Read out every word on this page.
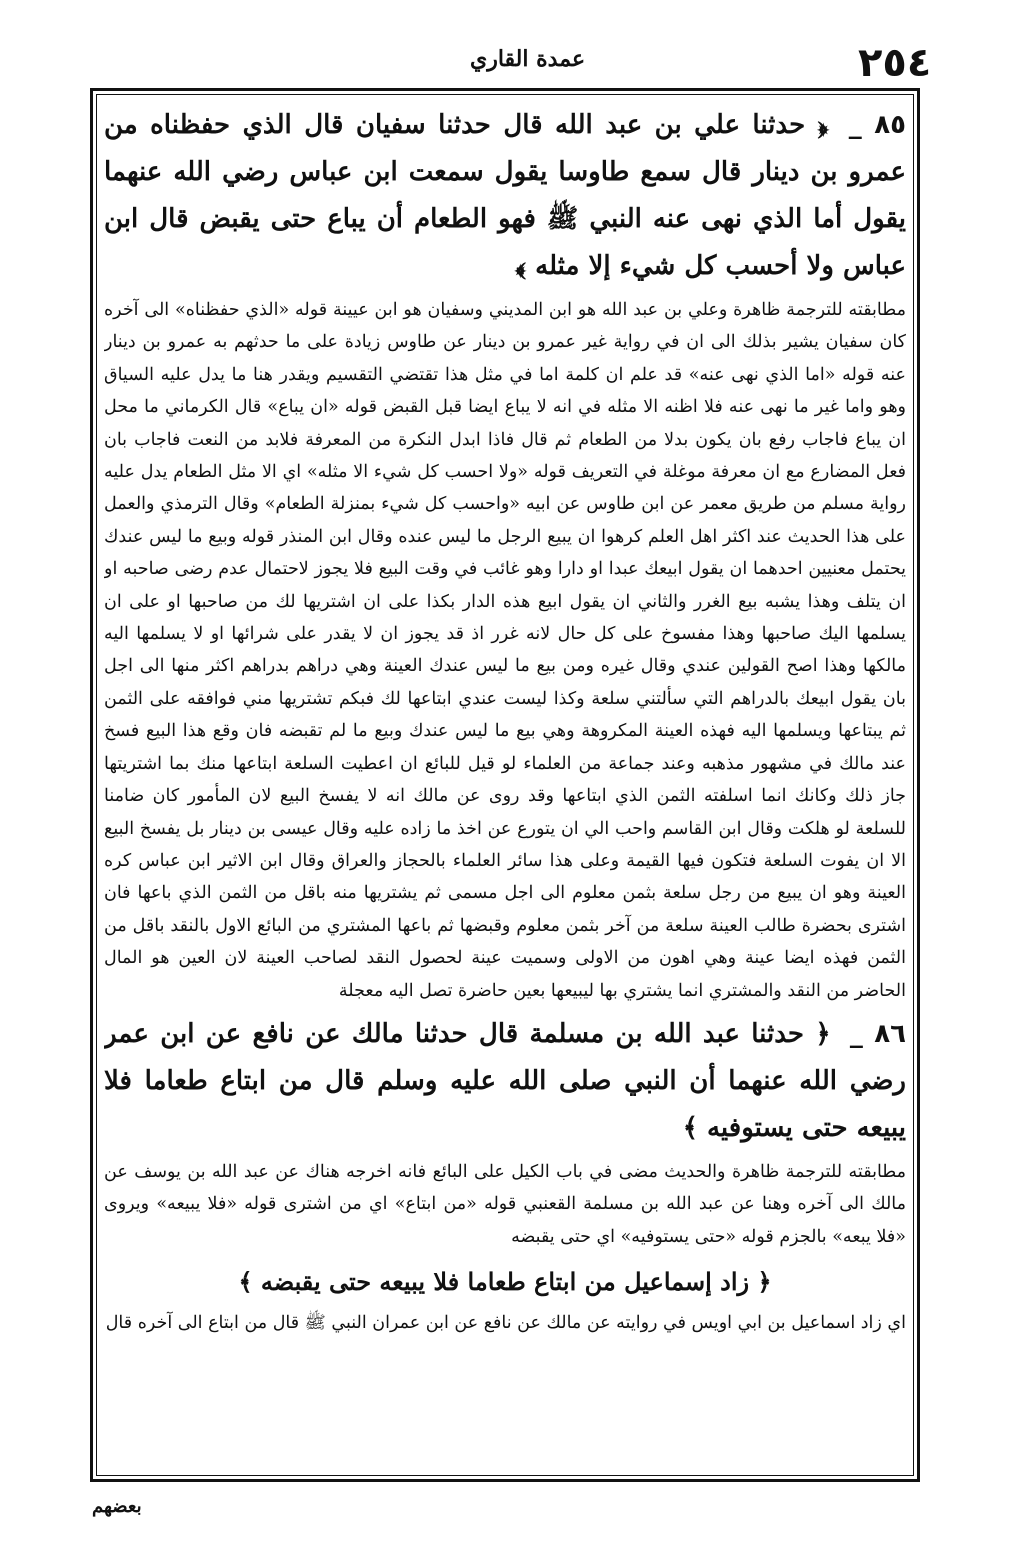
٢٥٤
عمدة القاري

٨٥ _ ﴿ حدثنا علي بن عبد الله قال حدثنا سفيان قال الذي حفظناه من عمرو بن دينار قال سمع طاوسا يقول سمعت ابن عباس رضي الله عنهما يقول أما الذي نهى عنه النبي ﷺ فهو الطعام أن يباع حتى يقبض قال ابن عباس ولا أحسب كل شيء إلا مثله ﴾

مطابقته للترجمة ظاهرة وعلي بن عبد الله هو ابن المديني وسفيان هو ابن عيينة قوله «الذي حفظناه» الى آخره كان سفيان يشير بذلك الى ان في رواية غير عمرو بن دينار عن طاوس زيادة على ما حدثهم به عمرو بن دينار عنه قوله «اما الذي نهى عنه» قد علم ان كلمة اما في مثل هذا تقتضي التقسيم ويقدر هنا ما يدل عليه السياق وهو واما غير ما نهى عنه فلا اظنه الا مثله في انه لا يباع ايضا قبل القبض قوله «ان يباع» قال الكرماني ما محل ان يباع فاجاب رفع بان يكون بدلا من الطعام ثم قال فاذا ابدل النكرة من المعرفة فلابد من النعت فاجاب بان فعل المضارع مع ان معرفة موغلة في التعريف قوله «ولا احسب كل شيء الا مثله» اي الا مثل الطعام يدل عليه رواية مسلم من طريق معمر عن ابن طاوس عن ابيه «واحسب كل شيء بمنزلة الطعام» وقال الترمذي والعمل على هذا الحديث عند اكثر اهل العلم كرهوا ان يبيع الرجل ما ليس عنده وقال ابن المنذر قوله وبيع ما ليس عندك يحتمل معنيين احدهما ان يقول ابيعك عبدا او دارا وهو غائب في وقت البيع فلا يجوز لاحتمال عدم رضى صاحبه او ان يتلف وهذا يشبه بيع الغرر والثاني ان يقول ابيع هذه الدار بكذا على ان اشتريها لك من صاحبها او على ان يسلمها اليك صاحبها وهذا مفسوخ على كل حال لانه غرر اذ قد يجوز ان لا يقدر على شرائها او لا يسلمها اليه مالكها وهذا اصح القولين عندي وقال غيره ومن بيع ما ليس عندك العينة وهي دراهم بدراهم اكثر منها الى اجل بان يقول ابيعك بالدراهم التي سألتني سلعة وكذا ليست عندي ابتاعها لك فبكم تشتريها مني فوافقه على الثمن ثم يبتاعها ويسلمها اليه فهذه العينة المكروهة وهي بيع ما ليس عندك وبيع ما لم تقبضه فان وقع هذا البيع فسخ عند مالك في مشهور مذهبه وعند جماعة من العلماء لو قيل للبائع ان اعطيت السلعة ابتاعها منك بما اشتريتها جاز ذلك وكانك انما اسلفته الثمن الذي ابتاعها وقد روى عن مالك انه لا يفسخ البيع لان المأمور كان ضامنا للسلعة لو هلكت وقال ابن القاسم واحب الي ان يتورع عن اخذ ما زاده عليه وقال عيسى بن دينار بل يفسخ البيع الا ان يفوت السلعة فتكون فيها القيمة وعلى هذا سائر العلماء بالحجاز والعراق وقال ابن الاثير ابن عباس كره العينة وهو ان يبيع من رجل سلعة بثمن معلوم الى اجل مسمى ثم يشتريها منه باقل من الثمن الذي باعها فان اشترى بحضرة طالب العينة سلعة من آخر بثمن معلوم وقبضها ثم باعها المشتري من البائع الاول بالنقد باقل من الثمن فهذه ايضا عينة وهي اهون من الاولى وسميت عينة لحصول النقد لصاحب العينة لان العين هو المال الحاضر من النقد والمشتري انما يشتري بها ليبيعها بعين حاضرة تصل اليه معجلة

٨٦ _ ﴿ حدثنا عبد الله بن مسلمة قال حدثنا مالك عن نافع عن ابن عمر رضي الله عنهما أن النبي صلى الله عليه وسلم قال من ابتاع طعاما فلا يبيعه حتى يستوفيه ﴾

مطابقته للترجمة ظاهرة والحديث مضى في باب الكيل على البائع فانه اخرجه هناك عن عبد الله بن يوسف عن مالك الى آخره وهنا عن عبد الله بن مسلمة القعنبي قوله «من ابتاع» اي من اشترى قوله «فلا يبيعه» ويروى «فلا يبعه» بالجزم قوله «حتى يستوفيه» اي حتى يقبضه

﴿ زاد إسماعيل من ابتاع طعاما فلا يبيعه حتى يقبضه ﴾

اي زاد اسماعيل بن ابي اويس في روايته عن مالك عن نافع عن ابن عمران النبي ﷺ قال من ابتاع الى آخره قال

بعضهم
